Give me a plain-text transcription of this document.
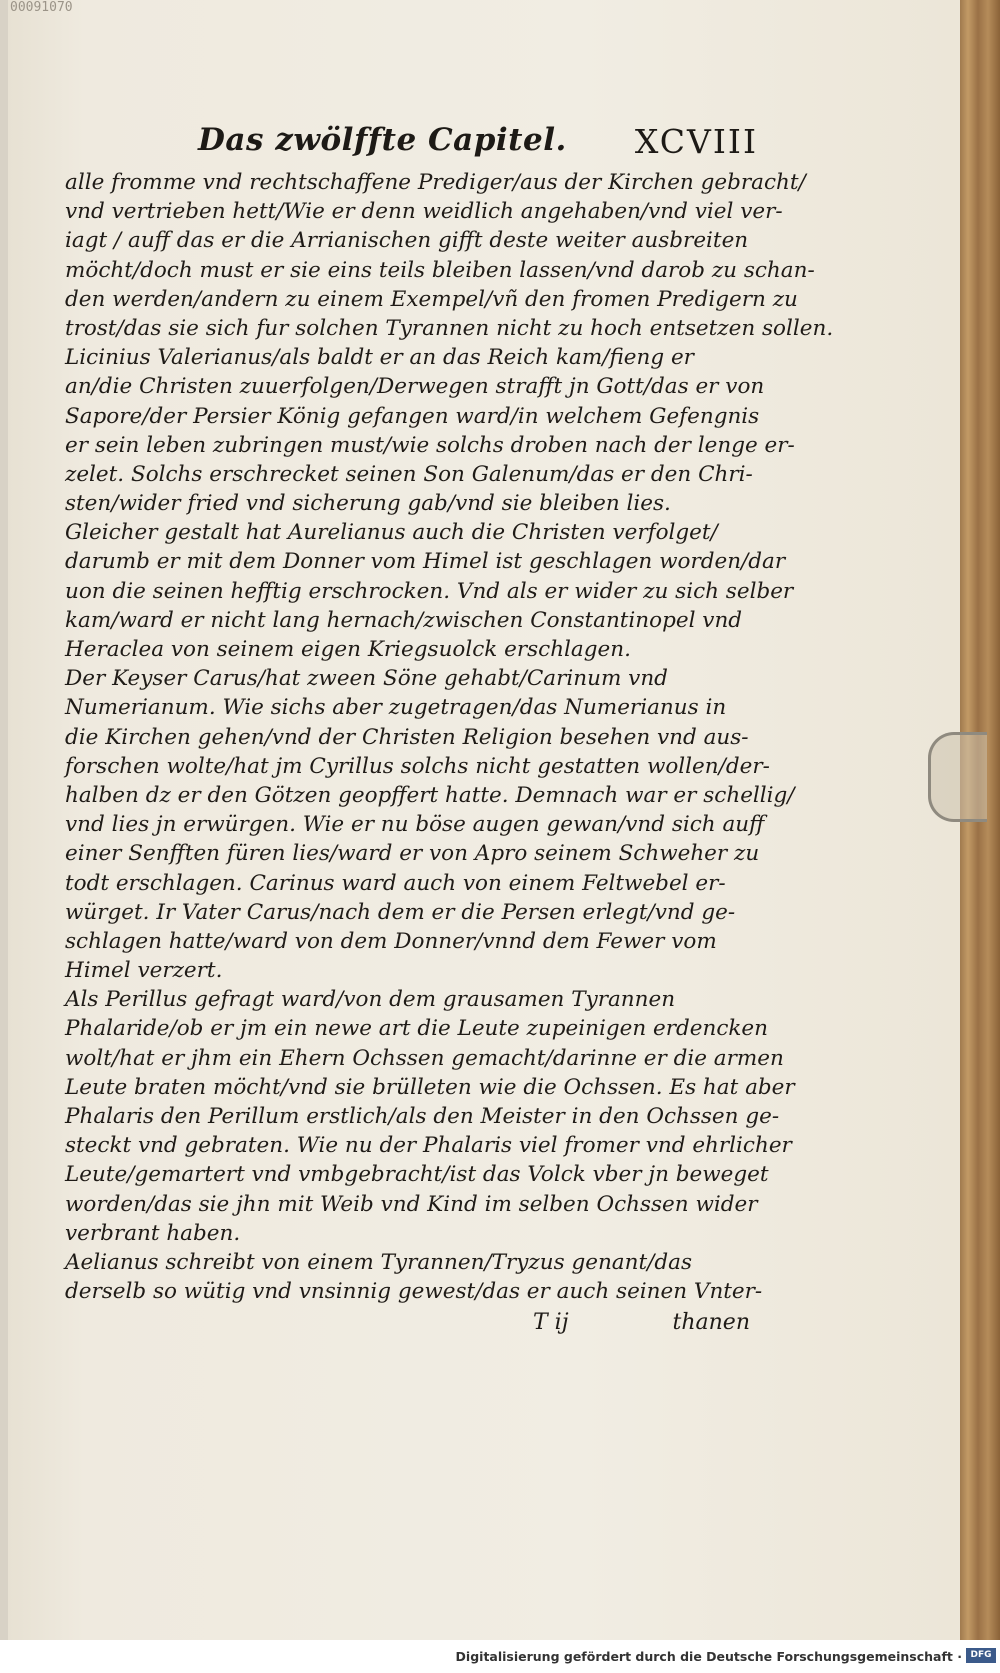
00091070
Das zwölffte Capitel. XCVIII
alle fromme vnd rechtschaffene Prediger/aus der Kirchen gebracht/
vnd vertrieben hett/Wie er denn weidlich angehaben/vnd viel ver-
iagt / auff das er die Arrianischen gifft deste weiter ausbreiten
möcht/doch must er sie eins teils bleiben lassen/vnd darob zu schan-
den werden/andern zu einem Exempel/vñ den fromen Predigern zu
trost/das sie sich fur solchen Tyrannen nicht zu hoch entsetzen sollen.
Licinius Valerianus/als baldt er an das Reich kam/fieng er
an/die Christen zuuerfolgen/Derwegen strafft jn Gott/das er von
Sapore/der Persier König gefangen ward/in welchem Gefengnis
er sein leben zubringen must/wie solchs droben nach der lenge er-
zelet. Solchs erschrecket seinen Son Galenum/das er den Chri-
sten/wider fried vnd sicherung gab/vnd sie bleiben lies.
Gleicher gestalt hat Aurelianus auch die Christen verfolget/
darumb er mit dem Donner vom Himel ist geschlagen worden/dar
uon die seinen hefftig erschrocken. Vnd als er wider zu sich selber
kam/ward er nicht lang hernach/zwischen Constantinopel vnd
Heraclea von seinem eigen Kriegsuolck erschlagen.
Der Keyser Carus/hat zween Söne gehabt/Carinum vnd
Numerianum. Wie sichs aber zugetragen/das Numerianus in
die Kirchen gehen/vnd der Christen Religion besehen vnd aus-
forschen wolte/hat jm Cyrillus solchs nicht gestatten wollen/der-
halben dz er den Götzen geopffert hatte. Demnach war er schellig/
vnd lies jn erwürgen. Wie er nu böse augen gewan/vnd sich auff
einer Senfften füren lies/ward er von Apro seinem Schweher zu
todt erschlagen. Carinus ward auch von einem Feltwebel er-
würget. Ir Vater Carus/nach dem er die Persen erlegt/vnd ge-
schlagen hatte/ward von dem Donner/vnnd dem Fewer vom
Himel verzert.
Als Perillus gefragt ward/von dem grausamen Tyrannen
Phalaride/ob er jm ein newe art die Leute zupeinigen erdencken
wolt/hat er jhm ein Ehern Ochssen gemacht/darinne er die armen
Leute braten möcht/vnd sie brülleten wie die Ochssen. Es hat aber
Phalaris den Perillum erstlich/als den Meister in den Ochssen ge-
steckt vnd gebraten. Wie nu der Phalaris viel fromer vnd ehrlicher
Leute/gemartert vnd vmbgebracht/ist das Volck vber jn beweget
worden/das sie jhn mit Weib vnd Kind im selben Ochssen wider
verbrant haben.
Aelianus schreibt von einem Tyrannen/Tryzus genant/das
derselb so wütig vnd vnsinnig gewest/das er auch seinen Vnter-
T ij	thanen
Digitalisierung gefördert durch die Deutsche Forschungsgemeinschaft · DFG
